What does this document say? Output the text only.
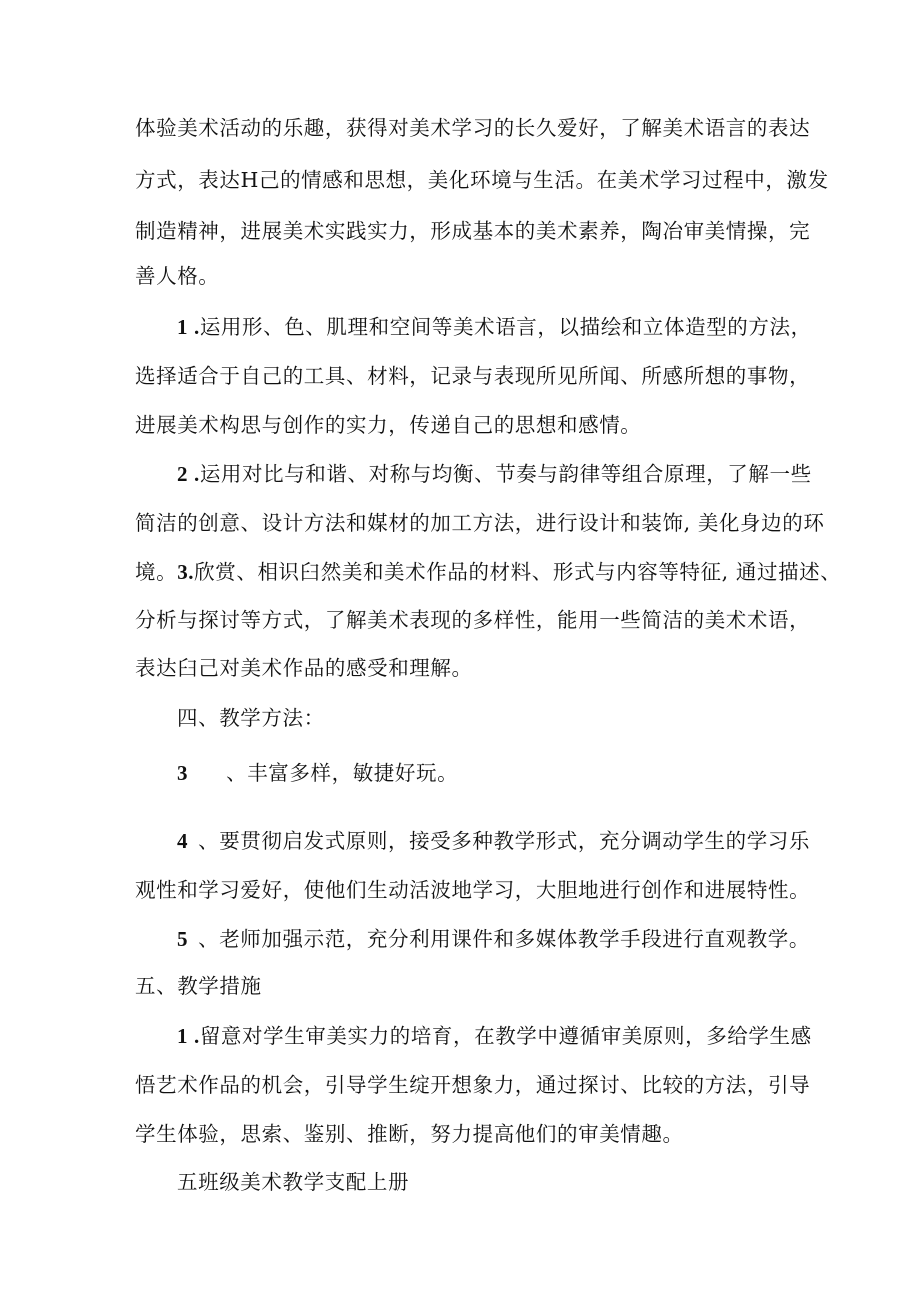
体验美术活动的乐趣，获得对美术学习的长久爱好，了解美术语言的表达
方式，表达H己的情感和思想，美化环境与生活。在美术学习过程中，激发
制造精神，进展美术实践实力，形成基本的美术素养，陶冶审美情操，完
善人格。
1 .运用形、色、肌理和空间等美术语言，以描绘和立体造型的方法，
选择适合于自己的工具、材料，记录与表现所见所闻、所感所想的事物，
进展美术构思与创作的实力，传递自己的思想和感情。
2 .运用对比与和谐、对称与均衡、节奏与韵律等组合原理，了解一些
简洁的创意、设计方法和媒材的加工方法，进行设计和装饰, 美化身边的环
境。3.欣赏、相识臼然美和美术作品的材料、形式与内容等特征, 通过描述、
分析与探讨等方式，了解美术表现的多样性，能用一些简洁的美术术语，
表达臼己对美术作品的感受和理解。
四、教学方法：
3 、丰富多样，敏捷好玩。
4 、要贯彻启发式原则，接受多种教学形式，充分调动学生的学习乐
观性和学习爱好，使他们生动活波地学习，大胆地进行创作和进展特性。
5 、老师加强示范，充分利用课件和多媒体教学手段进行直观教学。
五、教学措施
1 .留意对学生审美实力的培育，在教学中遵循审美原则，多给学生感
悟艺术作品的机会，引导学生绽开想象力，通过探讨、比较的方法，引导
学生体验，思索、鉴别、推断，努力提高他们的审美情趣。
五班级美术教学支配上册
